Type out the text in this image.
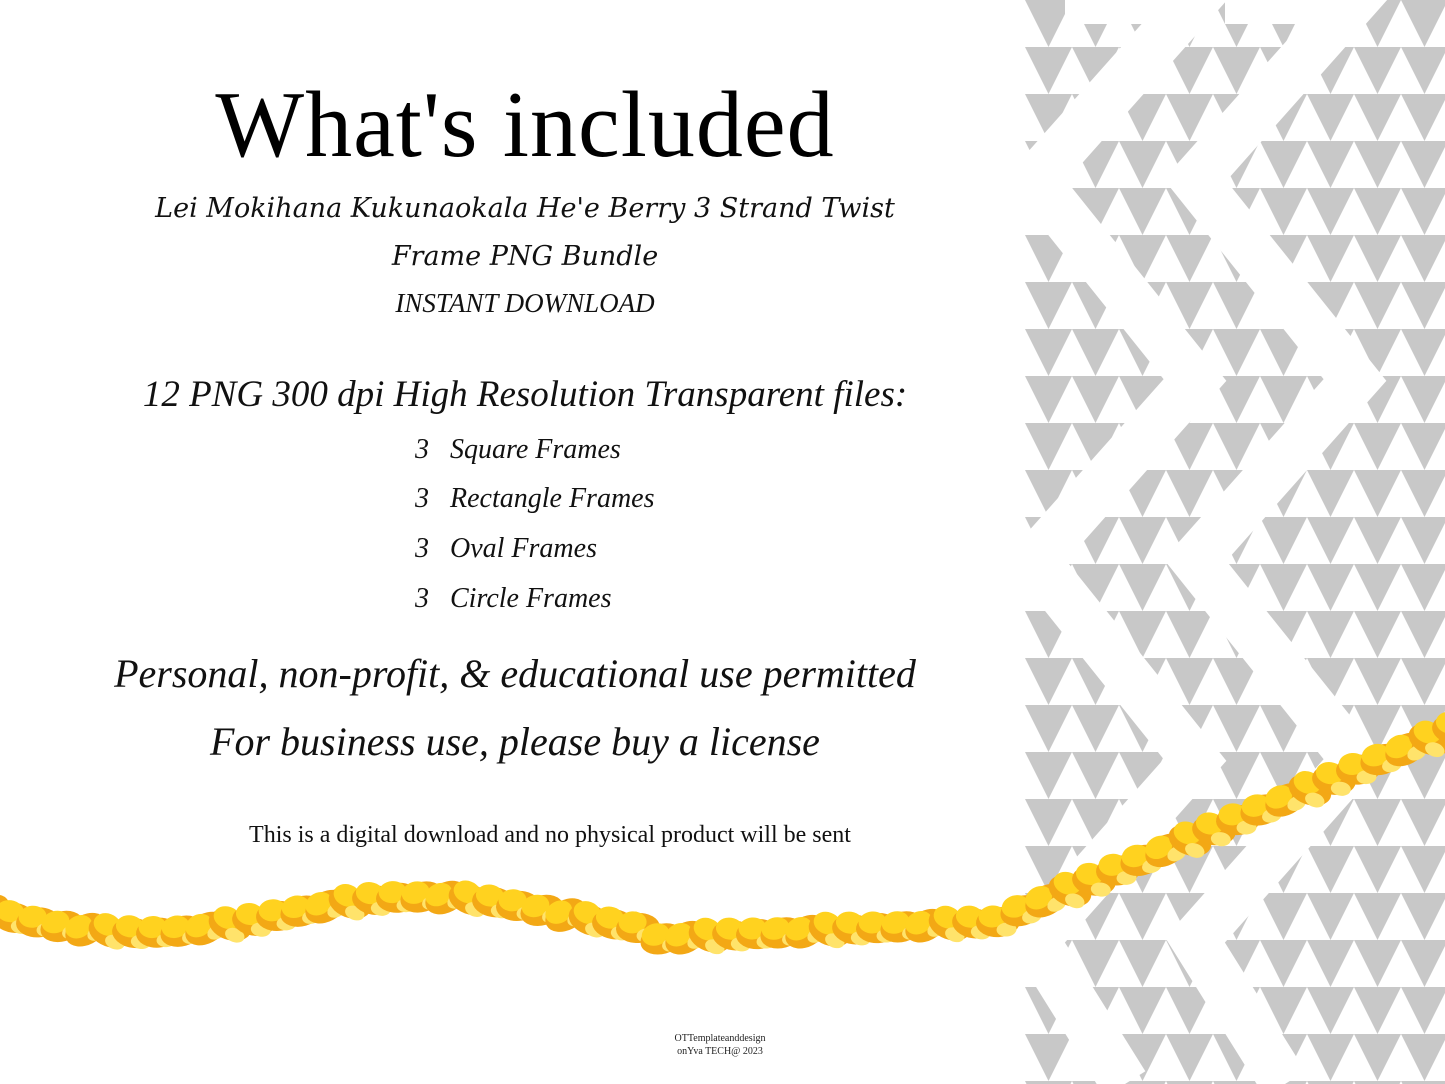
What's included
Lei Mokihana Kukunaokala He'e Berry 3 Strand Twist
Frame PNG Bundle
INSTANT DOWNLOAD
12 PNG 300 dpi High Resolution Transparent files:
3 Square Frames
3 Rectangle Frames
3 Oval Frames
3 Circle Frames
Personal, non-profit, & educational use permitted
For business use, please buy a license
This is a digital download and no physical product will be sent
OTTemplateanddesign
onYva TECH@ 2023
